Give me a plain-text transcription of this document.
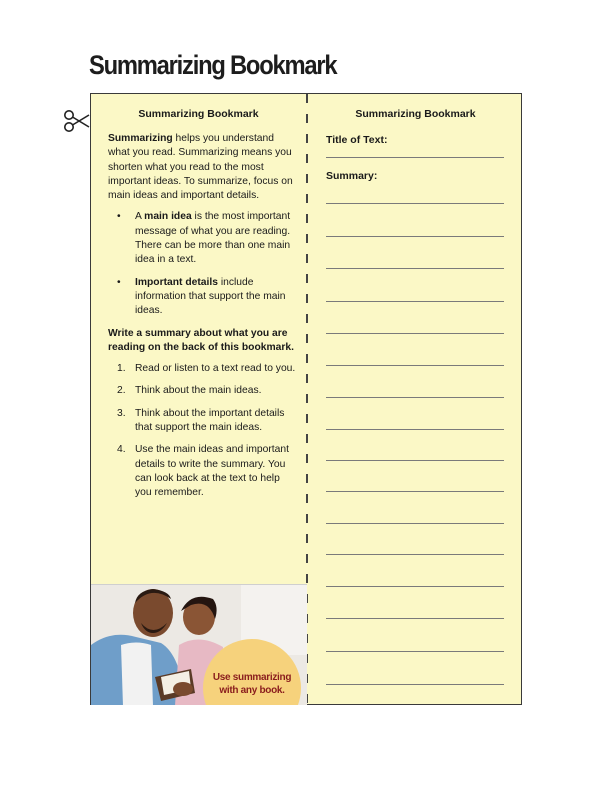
Summarizing Bookmark
Summarizing Bookmark

Summarizing helps you understand what you read. Summarizing means you shorten what you read to the most important ideas. To summarize, focus on main ideas and important details.

• A main idea is the most important message of what you are reading. There can be more than one main idea in a text.
• Important details include information that support the main ideas.

Write a summary about what you are reading on the back of this bookmark.

1. Read or listen to a text read to you.
2. Think about the main ideas.
3. Think about the important details that support the main ideas.
4. Use the main ideas and important details to write the summary. You can look back at the text to help you remember.
Use summarizing with any book.
Summarizing Bookmark
Title of Text:
Summary:
